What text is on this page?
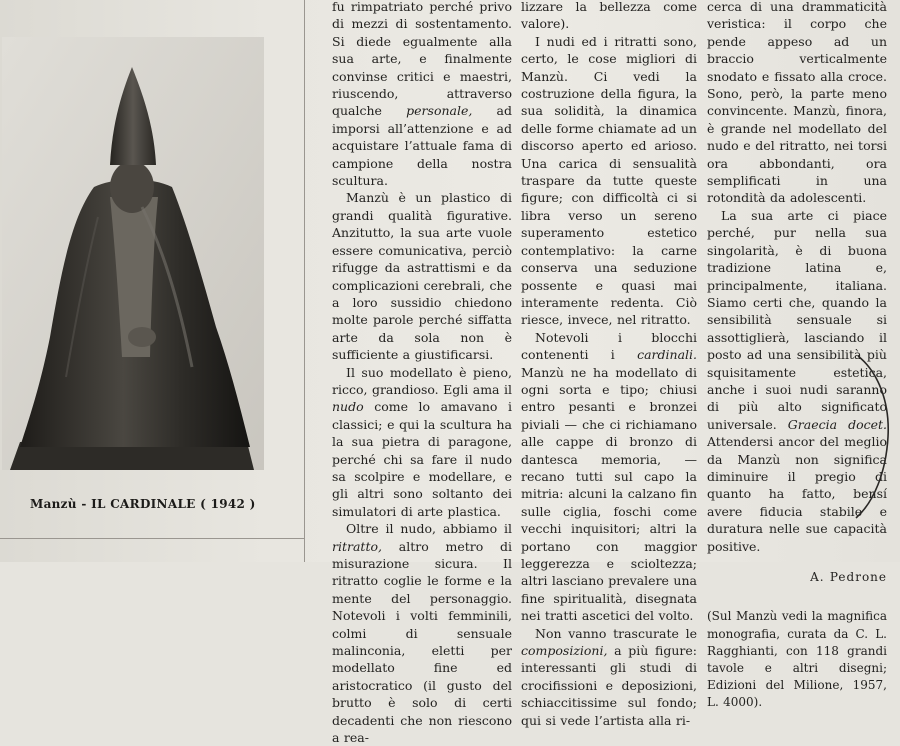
Manzù - IL CARDINALE ( 1942 )

fu rimpatriato perché privo di mezzi di sostentamento. Si diede egualmente alla sua arte, e finalmente convinse critici e maestri, riuscendo, attraverso qualche personale, ad imporsi all’attenzione e ad acquistare l’attuale fama di campione della nostra scultura.

Manzù è un plastico di grandi qualità figurative. Anzitutto, la sua arte vuole essere comunicativa, perciò rifugge da astrattismi e da complicazioni cerebrali, che a loro sussidio chiedono molte parole perché siffatta arte da sola non è sufficiente a giustificarsi.

Il suo modellato è pieno, ricco, grandioso. Egli ama il nudo come lo amavano i classici; e qui la scultura ha la sua pietra di paragone, perché chi sa fare il nudo sa scolpire e modellare, e gli altri sono soltanto dei simulatori di arte plastica.

Oltre il nudo, abbiamo il ritratto, altro metro di misurazione sicura. Il ritratto coglie le forme e la mente del personaggio. Notevoli i volti femminili, colmi di sensuale malinconia, eletti per modellato fine ed aristocratico (il gusto del brutto è solo di certi decadenti che non riescono a rea-

lizzare la bellezza come valore).

I nudi ed i ritratti sono, certo, le cose migliori di Manzù. Ci vedi la costruzione della figura, la sua solidità, la dinamica delle forme chiamate ad un discorso aperto ed arioso. Una carica di sensualità traspare da tutte queste figure; con difficoltà ci si libra verso un sereno superamento estetico contemplativo: la carne conserva una seduzione possente e quasi mai interamente redenta. Ciò riesce, invece, nel ritratto.

Notevoli i blocchi contenenti i cardinali. Manzù ne ha modellato di ogni sorta e tipo; chiusi entro pesanti e bronzei piviali — che ci richiamano alle cappe di bronzo di dantesca memoria, — recano tutti sul capo la mitria: alcuni la calzano fin sulle ciglia, foschi come vecchi inquisitori; altri la portano con maggior leggerezza e scioltezza; altri lasciano prevalere una fine spiritualità, disegnata nei tratti ascetici del volto.

Non vanno trascurate le composizioni, a più figure: interessanti gli studi di crocifissioni e deposizioni, schiaccitissime sul fondo; qui si vede l’artista alla ri-

cerca di una drammaticità veristica: il corpo che pende appeso ad un braccio verticalmente snodato e fissato alla croce. Sono, però, la parte meno convincente. Manzù, finora, è grande nel modellato del nudo e del ritratto, nei torsi ora abbondanti, ora semplificati in una rotondità da adolescenti.

La sua arte ci piace perché, pur nella sua singolarità, è di buona tradizione latina e, principalmente, italiana. Siamo certi che, quando la sensibilità sensuale si assottiglierà, lasciando il posto ad una sensibilità più squisitamente estetica, anche i suoi nudi saranno di più alto significato universale. Graecia docet. Attendersi ancor del meglio da Manzù non significa diminuire il pregio di quanto ha fatto, bensí avere fiducia stabile e duratura nelle sue capacità positive.

A. Pedrone

(Sul Manzù vedi la magnifica monografia, curata da C. L. Ragghianti, con 118 grandi tavole e altri disegni; Edizioni del Milione, 1957, L. 4000).
